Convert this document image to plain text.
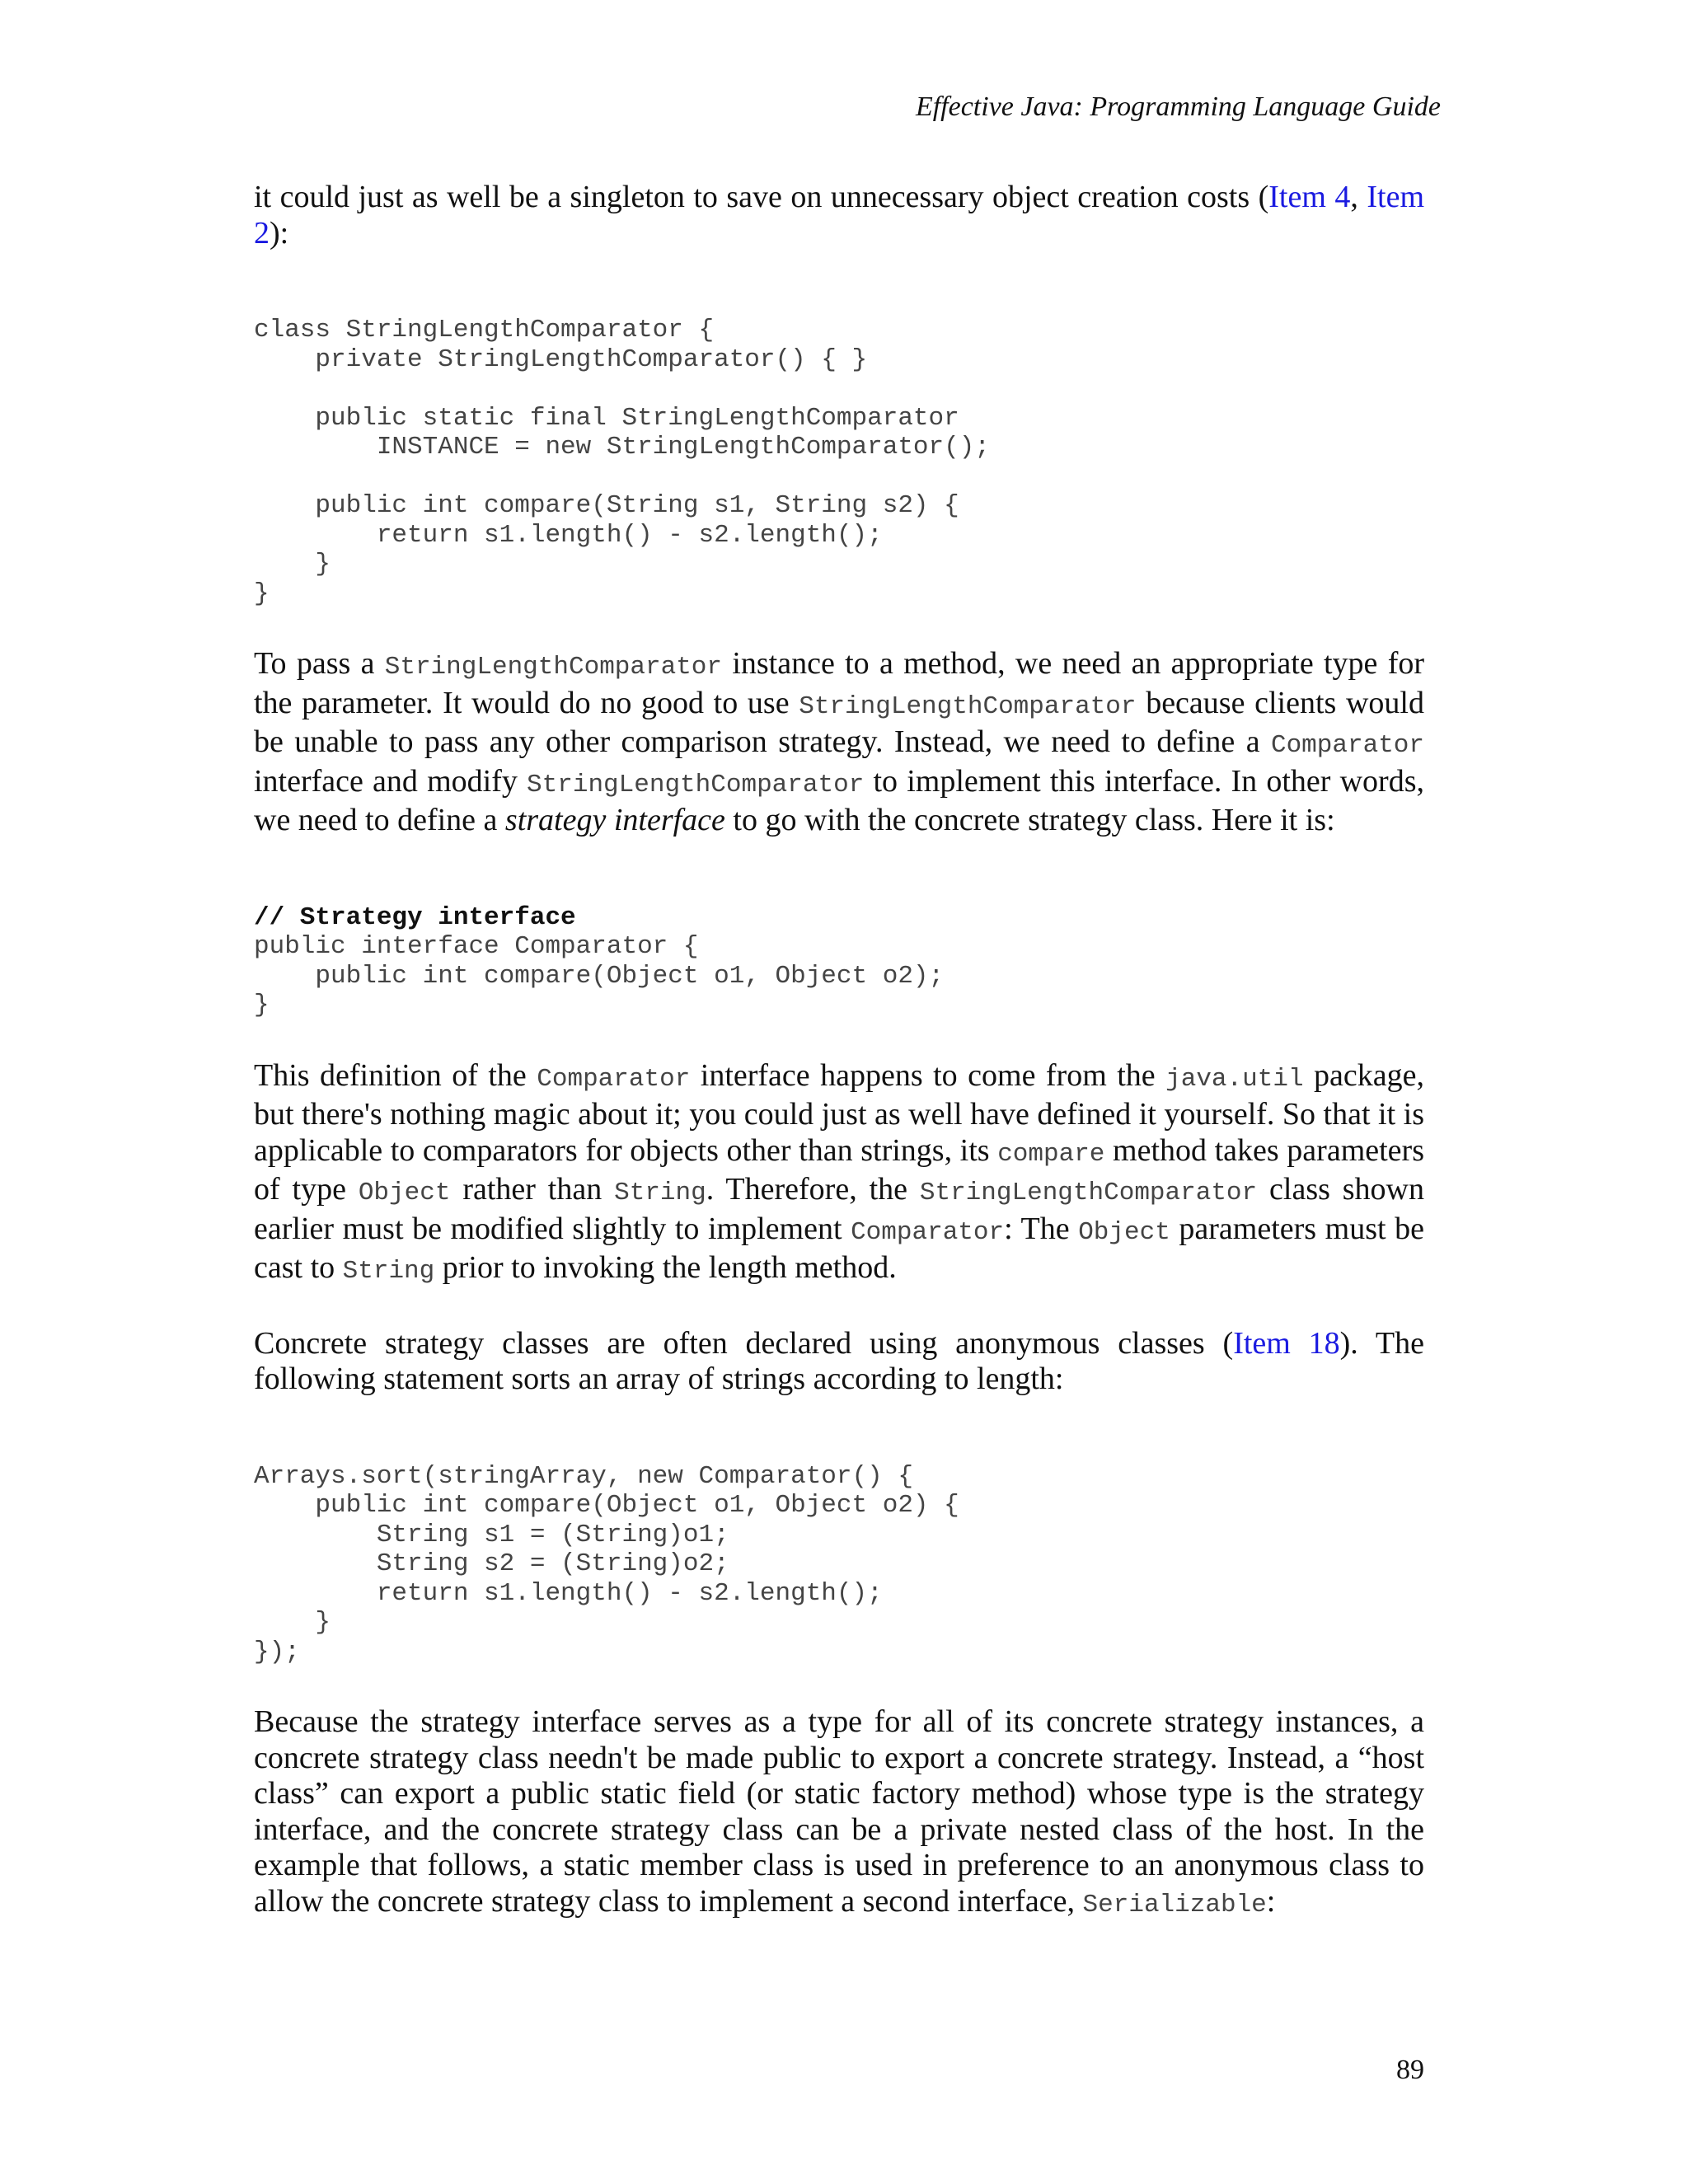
Effective Java: Programming Language Guide

it could just as well be a singleton to save on unnecessary object creation costs (Item 4, Item 2):

class StringLengthComparator {
private StringLengthComparator() { }

public static final StringLengthComparator
INSTANCE = new StringLengthComparator();

public int compare(String s1, String s2) {
return s1.length() - s2.length();
}
}

To pass a StringLengthComparator instance to a method, we need an appropriate type for the parameter. It would do no good to use StringLengthComparator because clients would be unable to pass any other comparison strategy. Instead, we need to define a Comparator interface and modify StringLengthComparator to implement this interface. In other words, we need to define a strategy interface to go with the concrete strategy class. Here it is:

// Strategy interface
public interface Comparator {
public int compare(Object o1, Object o2);
}

This definition of the Comparator interface happens to come from the java.util package, but there's nothing magic about it; you could just as well have defined it yourself. So that it is applicable to comparators for objects other than strings, its compare method takes parameters of type Object rather than String. Therefore, the StringLengthComparator class shown earlier must be modified slightly to implement Comparator: The Object parameters must be cast to String prior to invoking the length method.

Concrete strategy classes are often declared using anonymous classes (Item 18). The following statement sorts an array of strings according to length:

Arrays.sort(stringArray, new Comparator() {
public int compare(Object o1, Object o2) {
String s1 = (String)o1;
String s2 = (String)o2;
return s1.length() - s2.length();
}
});

Because the strategy interface serves as a type for all of its concrete strategy instances, a concrete strategy class needn't be made public to export a concrete strategy. Instead, a “host class” can export a public static field (or static factory method) whose type is the strategy interface, and the concrete strategy class can be a private nested class of the host. In the example that follows, a static member class is used in preference to an anonymous class to allow the concrete strategy class to implement a second interface, Serializable:

89
